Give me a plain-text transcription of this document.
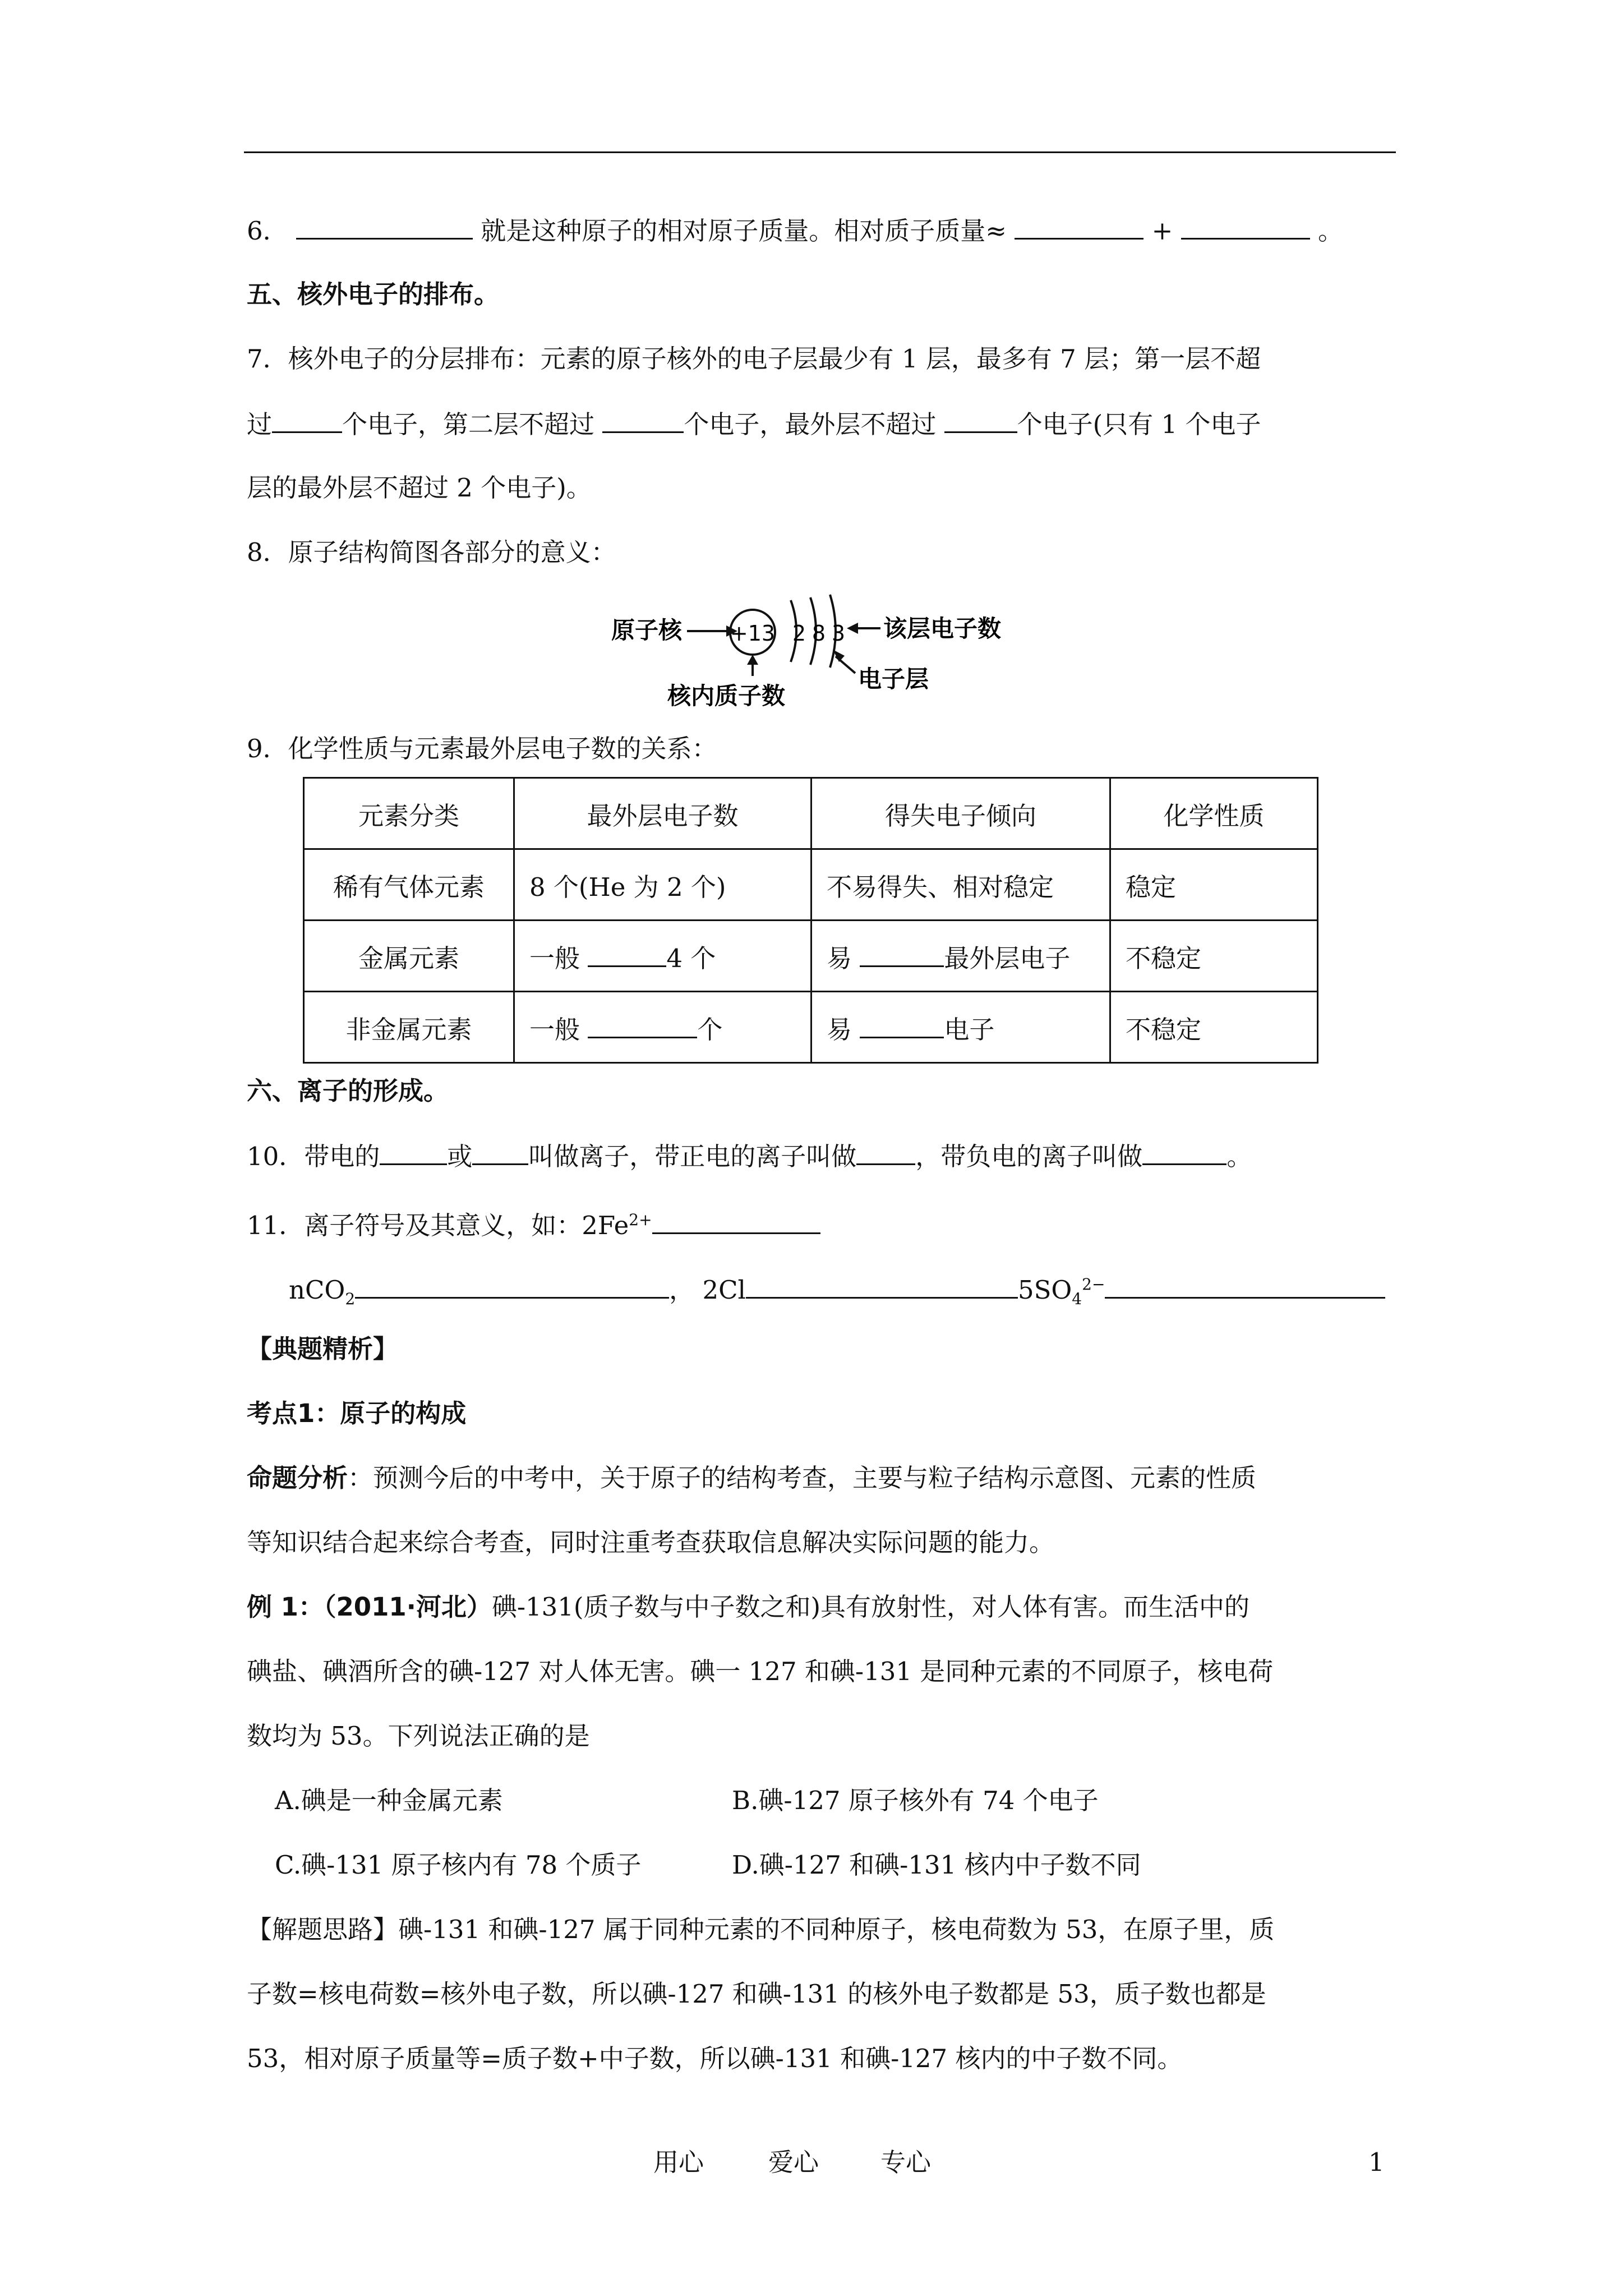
6．	就是这种原子的相对原子质量。相对质子质量≈	+	。
五、核外电子的排布。
7．核外电子的分层排布：元素的原子核外的电子层最少有 1 层，最多有 7 层；第一层不超
过	个电子，第二层不超过	个电子，最外层不超过	个电子(只有 1 个电子
层的最外层不超过 2 个电子)。
8．原子结构简图各部分的意义：
原子核 +13 2 8 3 该层电子数
电子层
核内质子数
9．化学性质与元素最外层电子数的关系：
元素分类	最外层电子数	得失电子倾向	化学性质
稀有气体元素	8 个(He 为 2 个)	不易得失、相对稳定	稳定
金属元素	一般 4 个	易 最外层电子	不稳定
非金属元素	一般 个	易 电子	不稳定
六、离子的形成。
10．带电的	或 叫做离子，带正电的离子叫做 ，带负电的离子叫做	。
11．离子符号及其意义，如：$2Fe^{2+}$
nCO$_2$	， 2Cl	$5SO_4^{2-}$
【典题精析】
考点1：原子的构成
命题分析：预测今后的中考中，关于原子的结构考查，主要与粒子结构示意图、元素的性质
等知识结合起来综合考查，同时注重考查获取信息解决实际问题的能力。
例 1：（2011·河北）碘-131(质子数与中子数之和)具有放射性，对人体有害。而生活中的
碘盐、碘酒所含的碘-127 对人体无害。碘一 127 和碘-131 是同种元素的不同原子，核电荷
数均为 53。下列说法正确的是
A.碘是一种金属元素	B.碘-127 原子核外有 74 个电子
C.碘-131 原子核内有 78 个质子	D.碘-127 和碘-131 核内中子数不同
【解题思路】碘-131 和碘-127 属于同种元素的不同种原子，核电荷数为 53，在原子里，质
子数=核电荷数=核外电子数，所以碘-127 和碘-131 的核外电子数都是 53，质子数也都是
53，相对原子质量等=质子数+中子数，所以碘-131 和碘-127 核内的中子数不同。
用心	爱心 专心	1
